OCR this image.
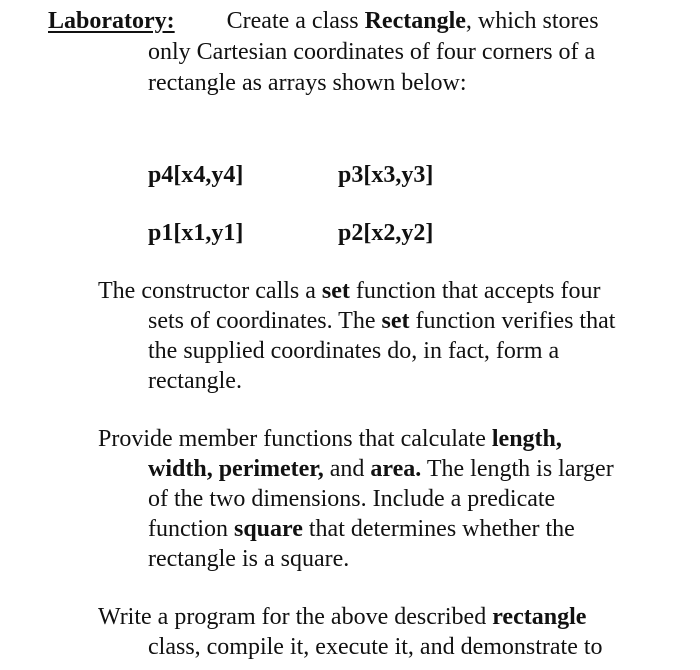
Laboratory: Create a class Rectangle, which stores
only Cartesian coordinates of four corners of a
rectangle as arrays shown below:
p4[x4,y4]	p3[x3,y3]
p1[x1,y1]	p2[x2,y2]
The constructor calls a set function that accepts four
sets of coordinates. The set function verifies that
the supplied coordinates do, in fact, form a
rectangle.
Provide member functions that calculate length,
width, perimeter, and area. The length is larger
of the two dimensions. Include a predicate
function square that determines whether the
rectangle is a square.
Write a program for the above described rectangle
class, compile it, execute it, and demonstrate to
